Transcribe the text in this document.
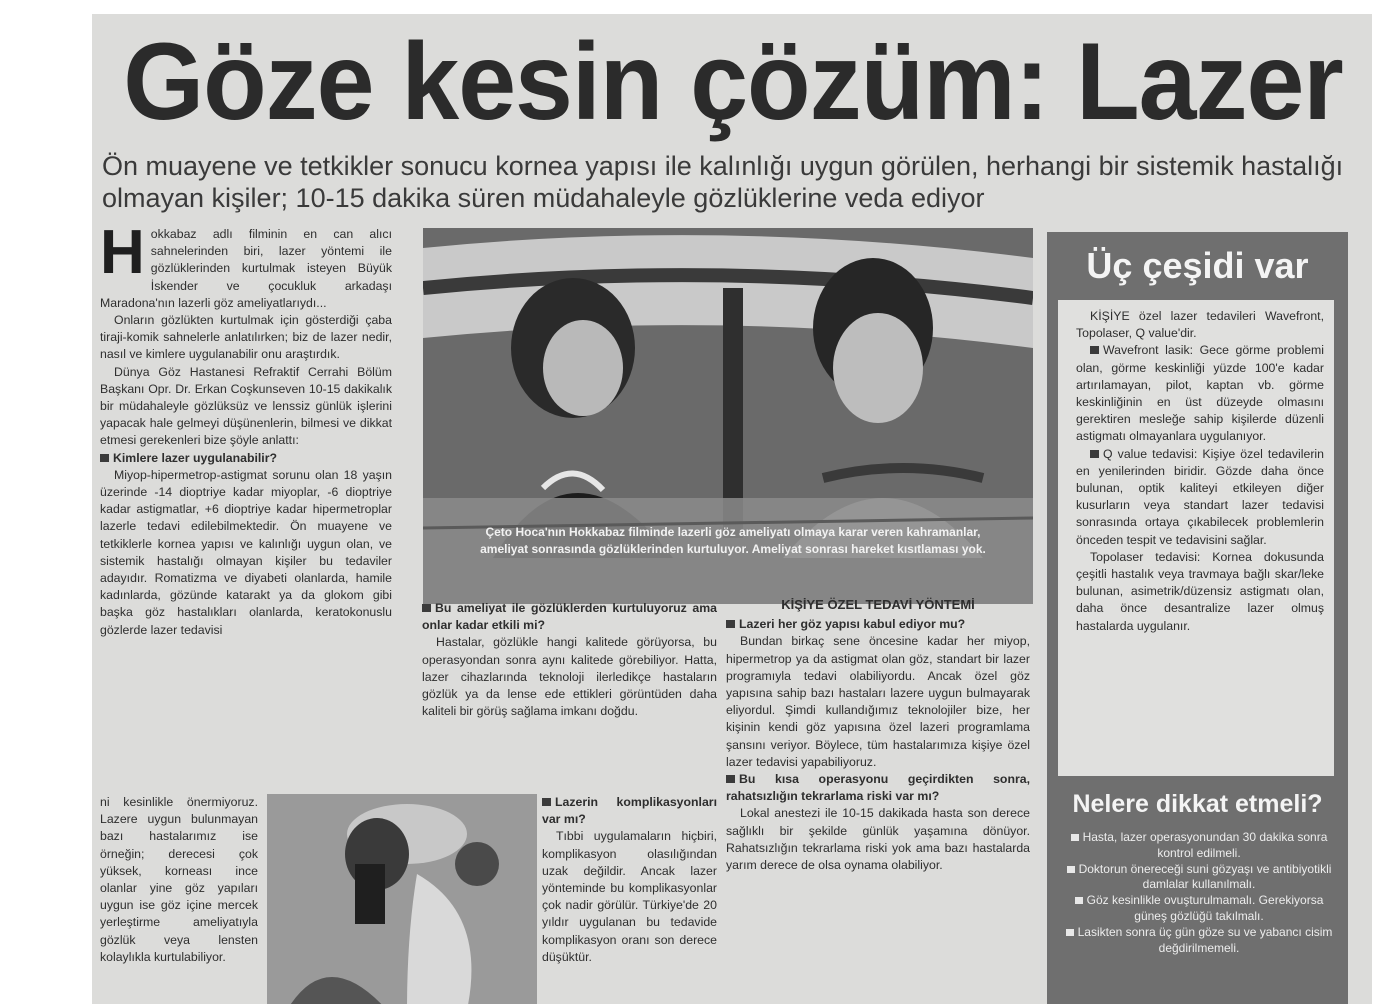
Göze kesin çözüm: Lazer

Ön muayene ve tetkikler sonucu kornea yapısı ile kalınlığı uygun görülen, herhangi bir sistemik hastalığı olmayan kişiler; 10-15 dakika süren müdahaleyle gözlüklerine veda ediyor

Hokkabaz adlı filminin en can alıcı sahnelerinden biri, lazer yöntemi ile gözlüklerinden kurtulmak isteyen Büyük İskender ve çocukluk arkadaşı Maradona'nın lazerli göz ameliyatlarıydı...

Onların gözlükten kurtulmak için gösterdiği çaba tiraji-komik sahnelerle anlatılırken; biz de lazer nedir, nasıl ve kimlere uygulanabilir onu araştırdık.

Dünya Göz Hastanesi Refraktif Cerrahi Bölüm Başkanı Opr. Dr. Erkan Coşkunseven 10-15 dakikalık bir müdahaleyle gözlüksüz ve lenssiz günlük işlerini yapacak hale gelmeyi düşünenlerin, bilmesi ve dikkat etmesi gerekenleri bize şöyle anlattı:

Kimlere lazer uygulanabilir?

Miyop-hipermetrop-astigmat sorunu olan 18 yaşın üzerinde -14 dioptriye kadar miyoplar, -6 dioptriye kadar astigmatlar, +6 dioptriye kadar hipermetroplar lazerle tedavi edilebilmektedir. Ön muayene ve tetkiklerle kornea yapısı ve kalınlığı uygun olan, ve sistemik hastalığı olmayan kişiler bu tedaviler adayıdır. Romatizma ve diyabeti olanlarda, hamile kadınlarda, gözünde katarakt ya da glokom gibi başka göz hastalıkları olanlarda, keratokonuslu gözlerde lazer tedavisi

ni kesinlikle önermiyoruz. Lazere uygun bulunmayan bazı hastalarımız ise örneğin; derecesi çok yüksek, korneası ince olanlar yine göz yapıları uygun ise göz içine mercek yerleştirme ameliyatıyla gözlük veya lensten kolaylıkla kurtulabiliyor.

Çeto Hoca'nın Hokkabaz filminde lazerli göz ameliyatı olmaya karar veren kahramanlar, ameliyat sonrasında gözlüklerinden kurtuluyor. Ameliyat sonrası hareket kısıtlaması yok.

Bu ameliyat ile gözlüklerden kurtuluyoruz ama onlar kadar etkili mi?

Hastalar, gözlükle hangi kalitede görüyorsa, bu operasyondan sonra aynı kalitede görebiliyor. Hatta, lazer cihazlarında teknoloji ilerledikçe hastaların gözlük ya da lense ede ettikleri görüntüden daha kaliteli bir görüş sağlama imkanı doğdu.

Lazerin komplikasyonları var mı?

Tıbbi uygulamaların hiçbiri, komplikasyon olasılığından uzak değildir. Ancak lazer yönteminde bu komplikasyonlar çok nadir görülür. Türkiye'de 20 yıldır uygulanan bu tedavide komplikasyon oranı son derece düşüktür.

KİŞİYE ÖZEL TEDAVİ YÖNTEMİ

Lazeri her göz yapısı kabul ediyor mu?

Bundan birkaç sene öncesine kadar her miyop, hipermetrop ya da astigmat olan göz, standart bir lazer programıyla tedavi olabiliyordu. Ancak özel göz yapısına sahip bazı hastaları lazere uygun bulmayarak eliyordul. Şimdi kullandığımız teknolojiler bize, her kişinin kendi göz yapısına özel lazeri programlama şansını veriyor. Böylece, tüm hastalarımıza kişiye özel lazer tedavisi yapabiliyoruz.

Bu kısa operasyonu geçirdikten sonra, rahatsızlığın tekrarlama riski var mı?

Lokal anestezi ile 10-15 dakikada hasta son derece sağlıklı bir şekilde günlük yaşamına dönüyor. Rahatsızlığın tekrarlama riski yok ama bazı hastalarda yarım derece de olsa oynama olabiliyor.

Üç çeşidi var

KİŞİYE özel lazer tedavileri Wavefront, Topolaser, Q value'dir.

Wavefront lasik: Gece görme problemi olan, görme keskinliği yüzde 100'e kadar artırılamayan, pilot, kaptan vb. görme keskinliğinin en üst düzeyde olmasını gerektiren mesleğe sahip kişilerde düzenli astigmatı olmayanlara uygulanıyor.

Q value tedavisi: Kişiye özel tedavilerin en yenilerinden biridir. Gözde daha önce bulunan, optik kaliteyi etkileyen diğer kusurların veya standart lazer tedavisi sonrasında ortaya çıkabilecek problemlerin önceden tespit ve tedavisini sağlar.

Topolaser tedavisi: Kornea dokusunda çeşitli hastalık veya travmaya bağlı skar/leke bulunan, asimetrik/düzensiz astigmatı olan, daha önce desantralize lazer olmuş hastalarda uygulanır.

Nelere dikkat etmeli?

Hasta, lazer operasyonundan 30 dakika sonra kontrol edilmeli.

Doktorun önereceği suni gözyaşı ve antibiyotikli damlalar kullanılmalı.

Göz kesinlikle ovuşturulmamalı. Gerekiyorsa güneş gözlüğü takılmalı.

Lasikten sonra üç gün göze su ve yabancı cisim değdirilmemeli.
